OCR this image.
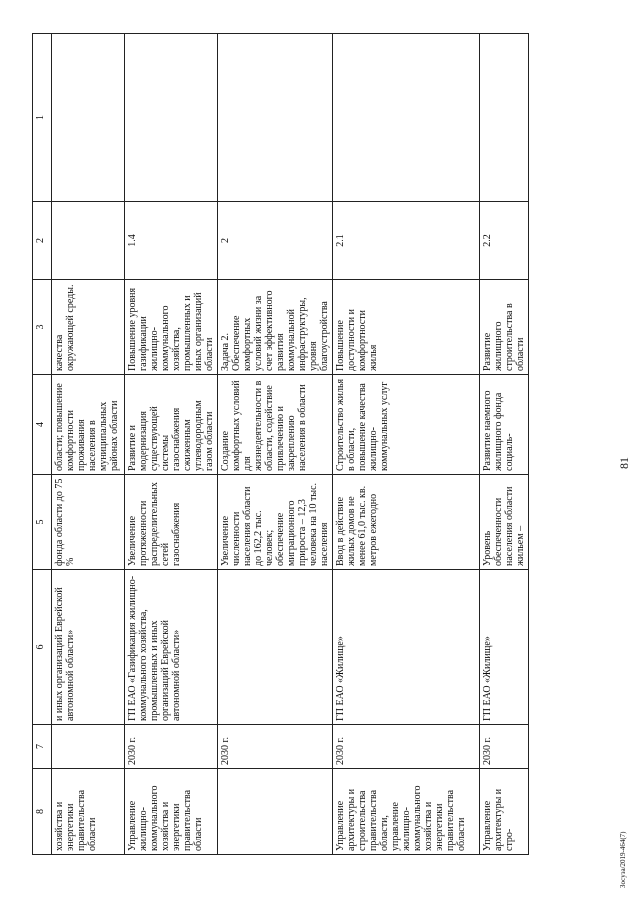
81
Зосуза/2019-464(7)
8	7	6	5	4	3	2	1
хозяйства и энергетики правительства области		и иных организаций Еврейской автономной области»	фонда области до 75 %	области; повышение комфортности проживания населения в муниципальных районах области	качества окружающей среды.		
Управление жилищно-коммунального хозяйства и энергетики правительства области	2030 г.	ГП ЕАО «Газификация жилищно-коммунального хозяйства, промышленных и иных организаций Еврейской автономной области»	Увеличение протяженности распределительных сетей газоснабжения	Развитие и модернизация существующей системы газоснабжения сжиженным углеводородным газом области	Повышение уровня газификации жилищно-коммунального хозяйства, промышленных и иных организаций области	1.4	
	2030 г.		Увеличение численности населения области до 162,2 тыс. человек; обеспечение миграционного прироста – 12,3 человека на 10 тыс. населения	Создание комфортных условий для жизнедеятельности в области, содействие привлечению и закреплению населения в области	Задача 2. Обеспечение комфортных условий жизни за счет эффективного развития коммунальной инфраструктуры, уровня благоустройства	2	
Управление архитектуры и строительства правительства области, управление жилищно-коммунального хозяйства и энергетики правительства области	2030 г.	ГП ЕАО «Жилище»	Ввод в действие жилых домов не менее 61,0 тыс. кв. метров ежегодно	Строительство жилья в области, повышение качества жилищно-коммунальных услуг	Повышение доступности и комфортности жилья	2.1	
Управление архитектуры и стро-	2030 г.	ГП ЕАО «Жилище»	Уровень обеспеченности населения области жильем –	Развитие наемного жилищного фонда социаль-	Развитие жилищного строительства в области	2.2	
